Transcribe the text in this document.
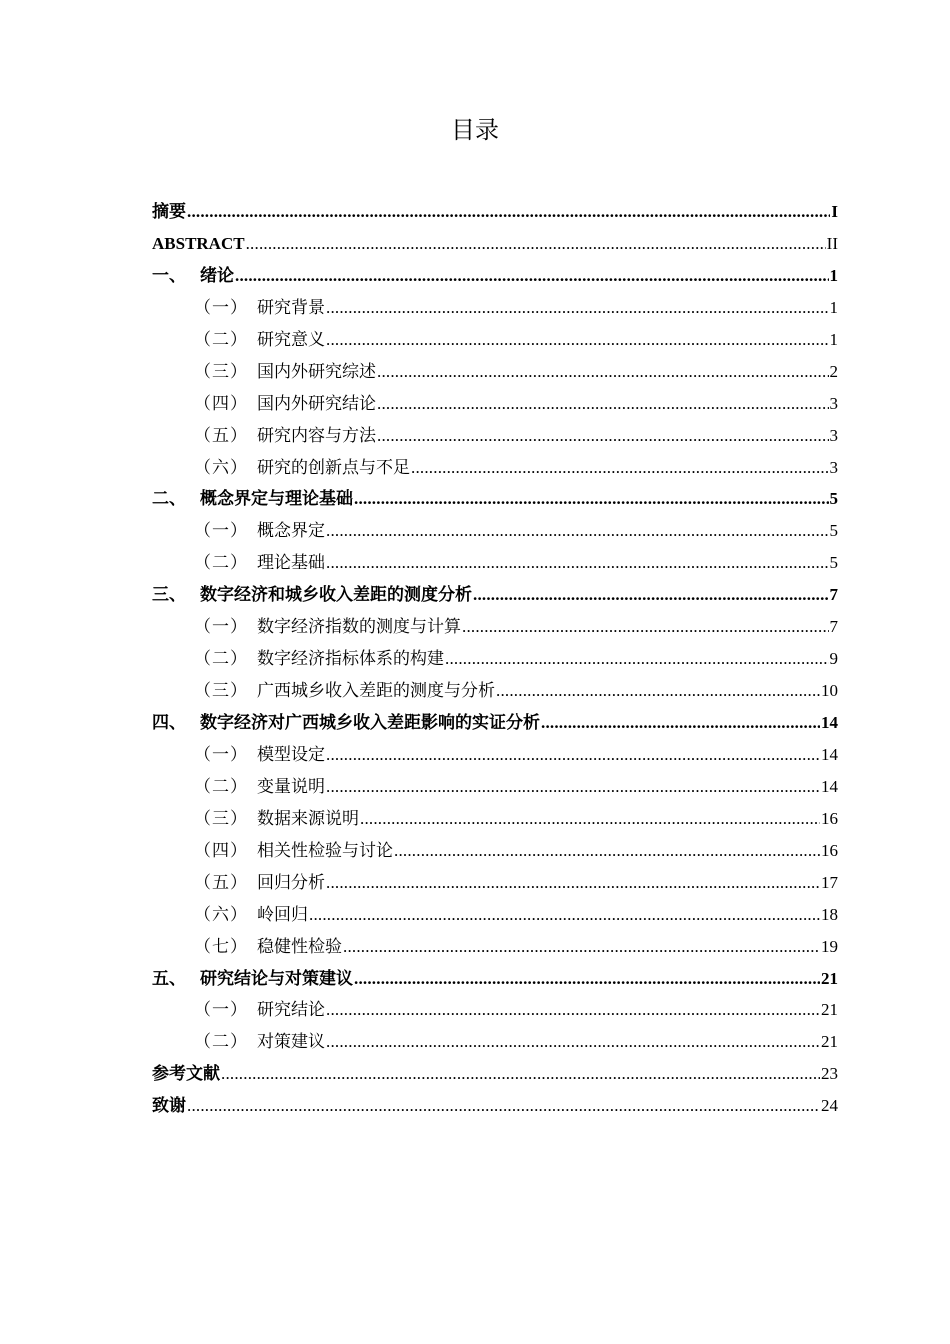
目录
摘要 .....	I
ABSTRACT .....	II
一、 绪论 .....	1
（一） 研究背景 .....	1
（二） 研究意义 .....	1
（三） 国内外研究综述 .....	2
（四） 国内外研究结论 .....	3
（五） 研究内容与方法 .....	3
（六） 研究的创新点与不足 .....	3
二、 概念界定与理论基础 .....	5
（一） 概念界定 .....	5
（二） 理论基础 .....	5
三、 数字经济和城乡收入差距的测度分析 .....	7
（一） 数字经济指数的测度与计算 .....	7
（二） 数字经济指标体系的构建 .....	9
（三） 广西城乡收入差距的测度与分析 .....	10
四、 数字经济对广西城乡收入差距影响的实证分析 .....	14
（一） 模型设定 .....	14
（二） 变量说明 .....	14
（三） 数据来源说明 .....	16
（四） 相关性检验与讨论 .....	16
（五） 回归分析 .....	17
（六） 岭回归 .....	18
（七） 稳健性检验 .....	19
五、 研究结论与对策建议 .....	21
（一） 研究结论 .....	21
（二） 对策建议 .....	21
参考文献 .....	23
致谢 .....	24
